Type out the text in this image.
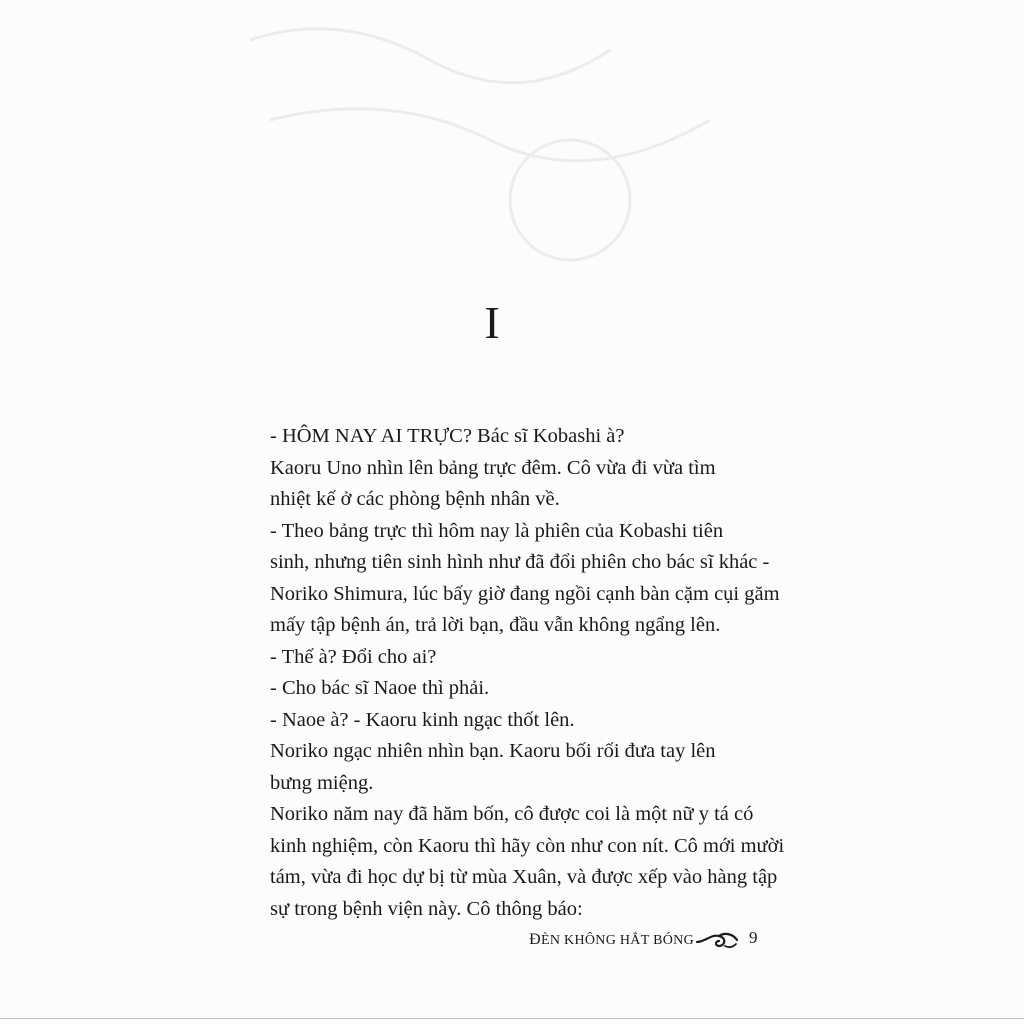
I
- HÔM NAY AI TRỰC? Bác sĩ Kobashi à?
Kaoru Uno nhìn lên bảng trực đêm. Cô vừa đi vừa tìm
nhiệt kế ở các phòng bệnh nhân về.
- Theo bảng trực thì hôm nay là phiên của Kobashi tiên
sinh, nhưng tiên sinh hình như đã đổi phiên cho bác sĩ khác -
Noriko Shimura, lúc bấy giờ đang ngồi cạnh bàn cặm cụi găm
mấy tập bệnh án, trả lời bạn, đầu vẫn không ngẩng lên.
- Thế à? Đổi cho ai?
- Cho bác sĩ Naoe thì phải.
- Naoe à? - Kaoru kinh ngạc thốt lên.
Noriko ngạc nhiên nhìn bạn. Kaoru bối rối đưa tay lên
bưng miệng.
Noriko năm nay đã hăm bốn, cô được coi là một nữ y tá có
kinh nghiệm, còn Kaoru thì hãy còn như con nít. Cô mới mười
tám, vừa đi học dự bị từ mùa Xuân, và được xếp vào hàng tập
sự trong bệnh viện này. Cô thông báo:
ĐÈN KHÔNG HẮT BÓNG	9
